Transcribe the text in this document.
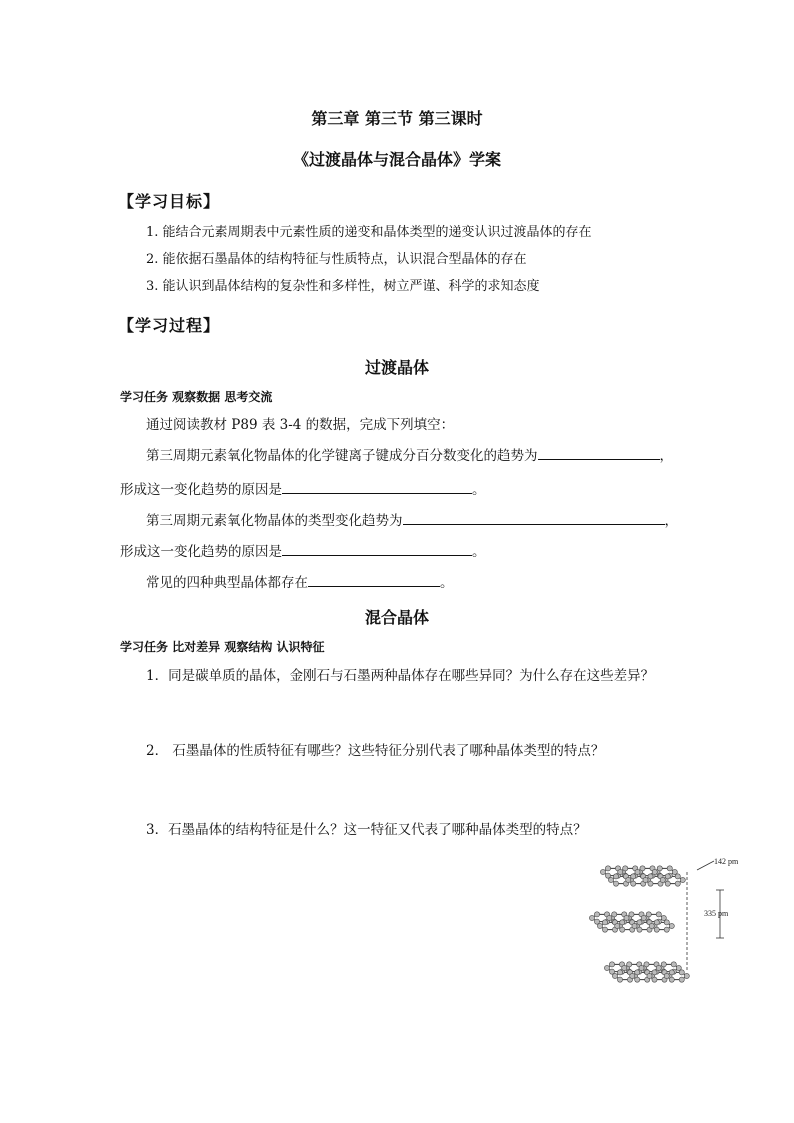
第三章 第三节 第三课时
《过渡晶体与混合晶体》学案
【学习目标】
1. 能结合元素周期表中元素性质的递变和晶体类型的递变认识过渡晶体的存在
2. 能依据石墨晶体的结构特征与性质特点，认识混合型晶体的存在
3. 能认识到晶体结构的复杂性和多样性，树立严谨、科学的求知态度
【学习过程】
过渡晶体
学习任务 观察数据 思考交流
通过阅读教材 P89 表 3-4 的数据，完成下列填空：
第三周期元素氧化物晶体的化学键离子键成分百分数变化的趋势为	，
形成这一变化趋势的原因是	。
第三周期元素氧化物晶体的类型变化趋势为	，
形成这一变化趋势的原因是	。
常见的四种典型晶体都存在	。
混合晶体
学习任务 比对差异 观察结构 认识特征
1．同是碳单质的晶体，金刚石与石墨两种晶体存在哪些异同？为什么存在这些差异？
2． 石墨晶体的性质特征有哪些？这些特征分别代表了哪种晶体类型的特点？
3．石墨晶体的结构特征是什么？这一特征又代表了哪种晶体类型的特点？
142 pm
335 pm
